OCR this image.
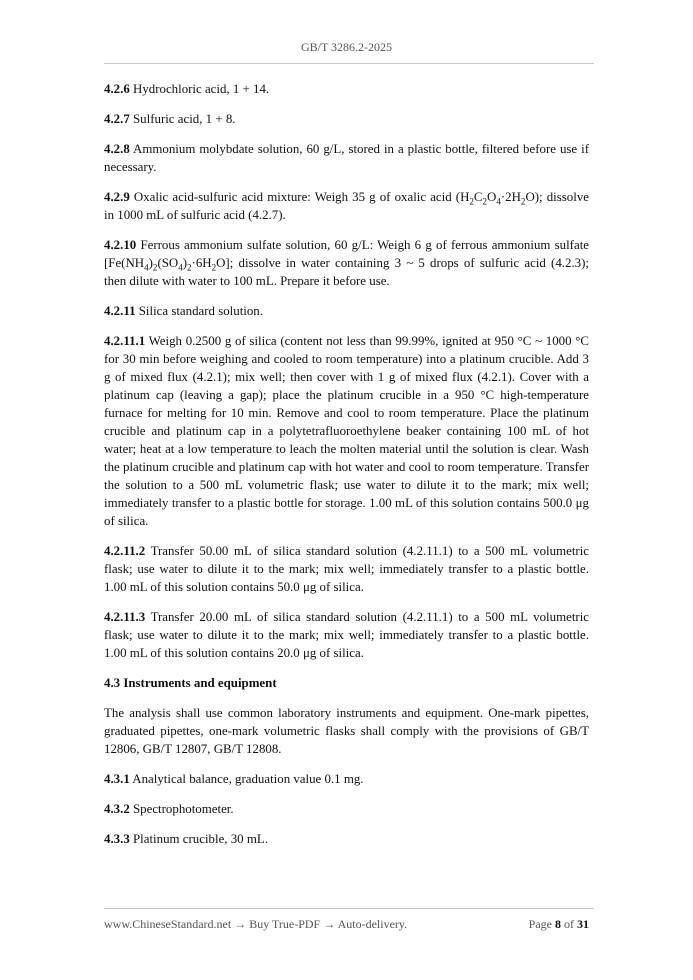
GB/T 3286.2-2025

4.2.6 Hydrochloric acid, 1 + 14.

4.2.7 Sulfuric acid, 1 + 8.

4.2.8 Ammonium molybdate solution, 60 g/L, stored in a plastic bottle, filtered before use if necessary.

4.2.9 Oxalic acid-sulfuric acid mixture: Weigh 35 g of oxalic acid $(H_2C_2O_4\cdot 2H_2O)$; dissolve in 1000 mL of sulfuric acid (4.2.7).

4.2.10 Ferrous ammonium sulfate solution, 60 g/L: Weigh 6 g of ferrous ammonium sulfate $[Fe(NH_4)_2(SO_4)_2\cdot 6H_2O]$; dissolve in water containing 3 ~ 5 drops of sulfuric acid (4.2.3); then dilute with water to 100 mL. Prepare it before use.

4.2.11 Silica standard solution.

4.2.11.1 Weigh 0.2500 g of silica (content not less than 99.99%, ignited at 950 °C ~ 1000 °C for 30 min before weighing and cooled to room temperature) into a platinum crucible. Add 3 g of mixed flux (4.2.1); mix well; then cover with 1 g of mixed flux (4.2.1). Cover with a platinum cap (leaving a gap); place the platinum crucible in a 950 °C high-temperature furnace for melting for 10 min. Remove and cool to room temperature. Place the platinum crucible and platinum cap in a polytetrafluoroethylene beaker containing 100 mL of hot water; heat at a low temperature to leach the molten material until the solution is clear. Wash the platinum crucible and platinum cap with hot water and cool to room temperature. Transfer the solution to a 500 mL volumetric flask; use water to dilute it to the mark; mix well; immediately transfer to a plastic bottle for storage. 1.00 mL of this solution contains 500.0 μg of silica.

4.2.11.2 Transfer 50.00 mL of silica standard solution (4.2.11.1) to a 500 mL volumetric flask; use water to dilute it to the mark; mix well; immediately transfer to a plastic bottle. 1.00 mL of this solution contains 50.0 μg of silica.

4.2.11.3 Transfer 20.00 mL of silica standard solution (4.2.11.1) to a 500 mL volumetric flask; use water to dilute it to the mark; mix well; immediately transfer to a plastic bottle. 1.00 mL of this solution contains 20.0 μg of silica.

4.3 Instruments and equipment

The analysis shall use common laboratory instruments and equipment. One-mark pipettes, graduated pipettes, one-mark volumetric flasks shall comply with the provisions of GB/T 12806, GB/T 12807, GB/T 12808.

4.3.1 Analytical balance, graduation value 0.1 mg.

4.3.2 Spectrophotometer.

4.3.3 Platinum crucible, 30 mL.

www.ChineseStandard.net → Buy True-PDF → Auto-delivery.	Page 8 of 31
